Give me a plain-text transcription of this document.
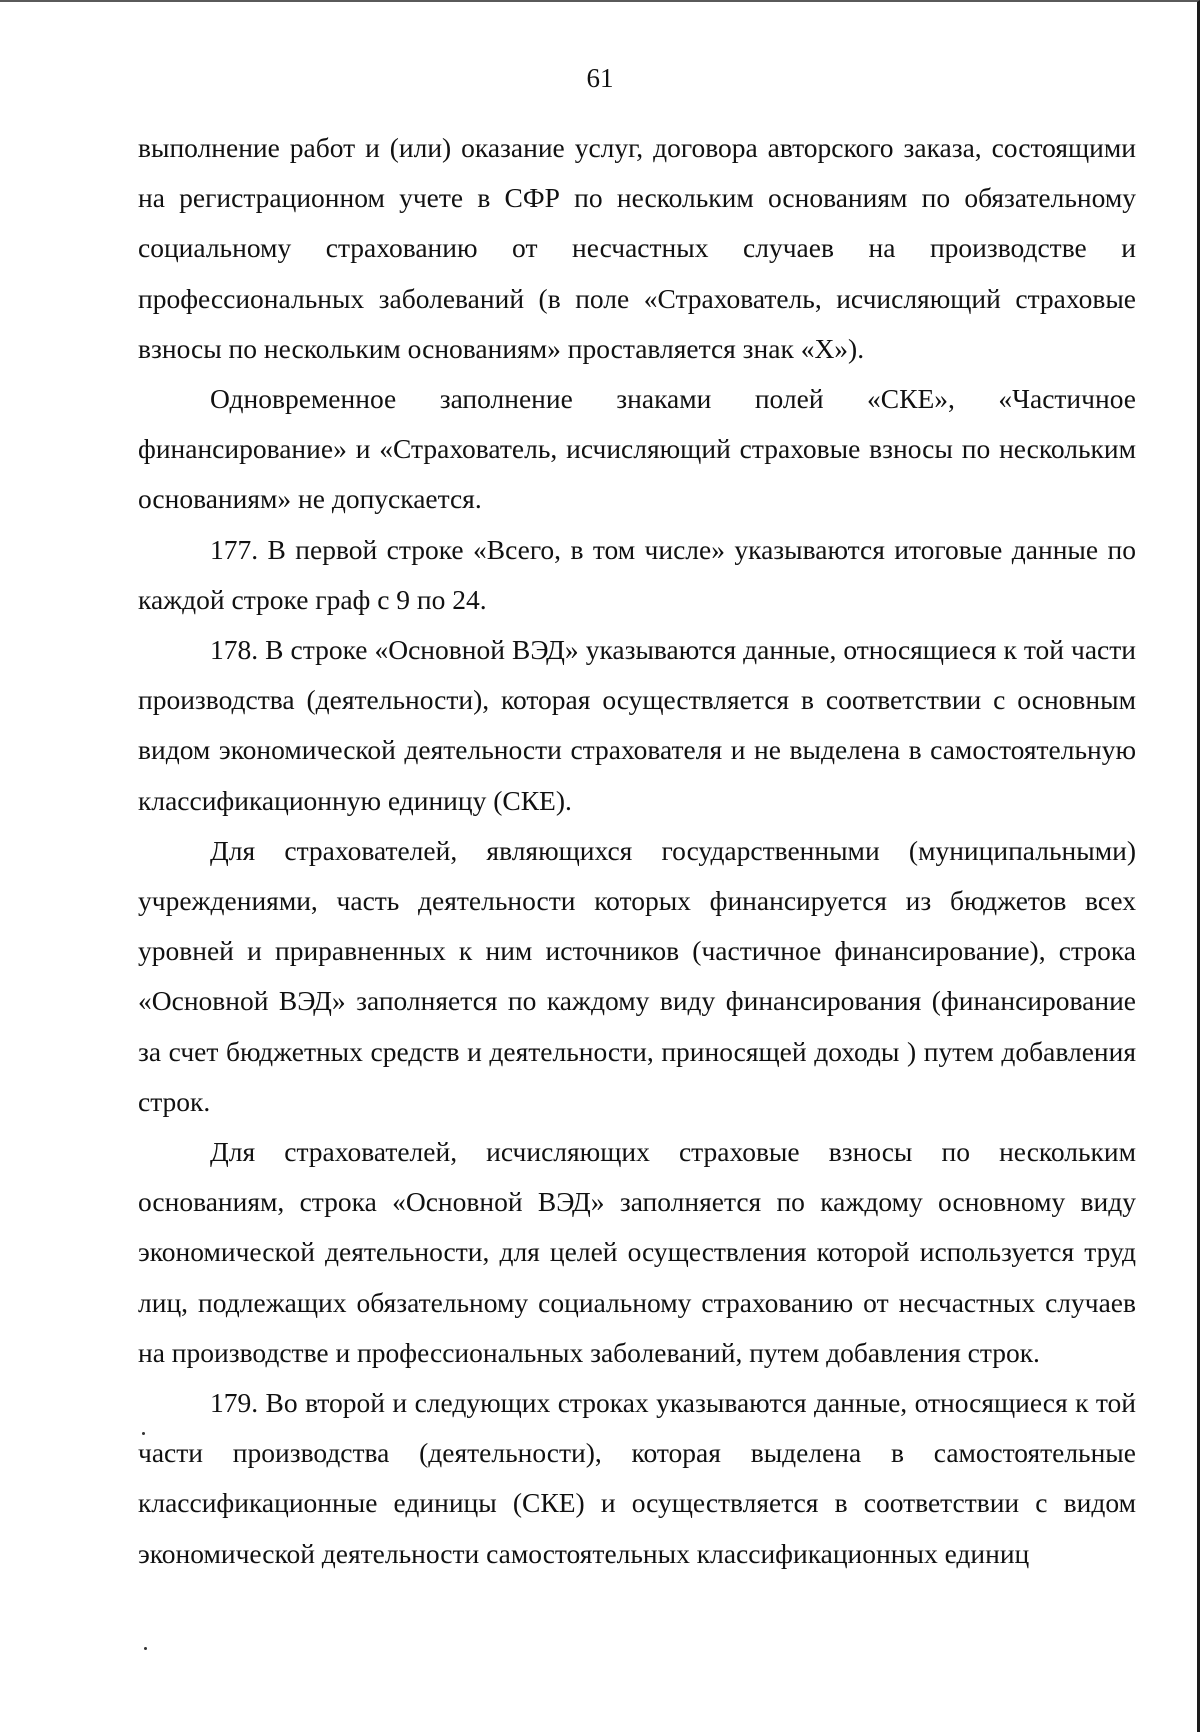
61

выполнение работ и (или) оказание услуг, договора авторского заказа, состоящими на регистрационном учете в СФР по нескольким основаниям по обязательному социальному страхованию от несчастных случаев на производстве и профессиональных заболеваний (в поле «Страхователь, исчисляющий страховые взносы по нескольким основаниям» проставляется знак «Х»).

Одновременное заполнение знаками полей «СКЕ», «Частичное финансирование» и «Страхователь, исчисляющий страховые взносы по нескольким основаниям» не допускается.

177. В первой строке «Всего, в том числе» указываются итоговые данные по каждой строке граф с 9 по 24.

178. В строке «Основной ВЭД» указываются данные, относящиеся к той части производства (деятельности), которая осуществляется в соответствии с основным видом экономической деятельности страхователя и не выделена в самостоятельную классификационную единицу (СКЕ).

Для страхователей, являющихся государственными (муниципальными) учреждениями, часть деятельности которых финансируется из бюджетов всех уровней и приравненных к ним источников (частичное финансирование), строка «Основной ВЭД» заполняется по каждому виду финансирования (финансирование за счет бюджетных средств и деятельности, приносящей доходы ) путем добавления строк.

Для страхователей, исчисляющих страховые взносы по нескольким основаниям, строка «Основной ВЭД» заполняется по каждому основному виду экономической деятельности, для целей осуществления которой используется труд лиц, подлежащих обязательному социальному страхованию от несчастных случаев на производстве и профессиональных заболеваний, путем добавления строк.

179. Во второй и следующих строках указываются данные, относящиеся к той части производства (деятельности), которая выделена в самостоятельные классификационные единицы (СКЕ) и осуществляется в соответствии с видом экономической деятельности самостоятельных классификационных единиц
